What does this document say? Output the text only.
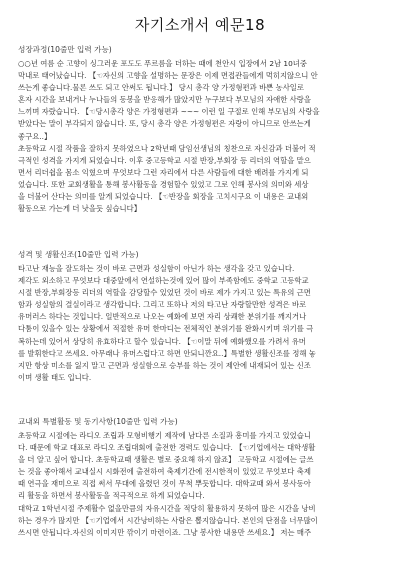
자기소개서 예문18
성장과정(10줄만 입력 가능)
○○년 여름 순 고향이 싱그러운 포도도 푸르름을 더하는 때에 천안시 입장에서 2남 10녀중
막내로 태어났습니다. 【☜자신의 고향을 설명하는 문장은 이제 면접관들에게 먹히지않으니 안
쓰는게 좋습니다.물론 쓰도 되고 안써도 됩니다.】 당시 총각 양 가정형편과 바쁜 농사일로
혼자 시간을 보내거나 누나들의 동봉을 받응해가 많았지만 누구보다 부모님의 자애한 사랑을
느끼며 자랐습니다. 【☜당시총각 양은 가정형편과 ~~~ 이런 일 구절로 인해 부모님의 사랑을
받았다는 말이 부각되지 않습니다. 또, 당시 총각 양은 가정형편은 자랑이 아니므로 안쓰는게
좋구요..】
초등학교 시절 작품을 잘하지 못하였으나 2학년때 담임선생님의 칭찬으로 자신감과 더불어 적
극적인 성격을 가지게 되었습니다. 이후 중고등학교 시절 반장,부회장 등 리더의 역할을 맡으
면서 리더쉽을 몸소 익혔으며 무엇보다 그런 자리에서 다른 사람들에 대한 배려를 가지게 되
었습니다. 또한 교회생활을 통해 봉사활동을 경험할수 있었고 그로 인해 봉사의 의미와 세상
을 더불어 산다는 의미를 알게 되었습니다. 【☜반장을 회장을 고치시구요 이 내용은 교내외
활동으로 가는게 더 낫을듯 싶습니다】
성격 및 생활신조(10줄만 입력 가능)
타고난 재능을 잘도하는 것이 바로 근면과 성실함이 아닌가 하는 생각을 갖고 있습니다.
제각도 외소하고 무엇보다 대중앞에서 연설하는것에 있어 많이 부족함에도 중학교 고등학교
시절 반장,부회장등 리더의 역할을 감당할수 있었던 것이 바로 제가 가지고 있는 특유의 근면
함과 성실함의 결실이라고 생각합니다. 그리고 또하나 저의 타고난 자랑할만한 성격은 바로
유머러스 하다는 것입니다. 일반적으로 나오는 예화에 보면 자리 상쾌한 분위기를 깨지거나
다툼이 있을수 있는 상황에서 적절한 유머 한마디는 전체적인 분위기를 완화시키며 위기를 극
복하는데 있어서 상당히 유효하다고 할수 있습니다. 【☜이말 뒤에 예화했오를 가려서 유머
를 발휘한다고 쓰세요. 아무래나 유머스럽다고 하면 안되니깐요..】특별한 생활신조를 정해 놓
지만 항상 미소를 잃지 말고 근면과 성실함으로 승부를 하는 것이 제안에 내재되어 있는 신조
이며 생활 태도 입니다.
교내외 특별활동 및 동기사항(10줄만 입력 가능)
초등학교 시절에는 라디오 조립과 모형비행기 제작에 남다른 소질과 흥미를 가지고 있었습니
다. 때문에 학교 대표로 라디오 조립대회에 출전한 경력도 있습니다. 【☜기업에서는 대학생활
을 더 알고 싶어 합니다. 초등학교때 생활은 별로 중요해 하지 않죠】 고등학교 시절에는 글쓰
는 것을 좋아해서 교내실시 시화전에 출전하여 축제기간에 전시한적이 있었고 무엇보다 축제
때 연극을 재미으로 직접 써서 무대에 올렸던 것이 무척 뿌듯합니다. 대학교때 와서 봉사동아
리 활동을 하면서 봉사활동을 적극적으로 하게 되었습니다.
대학교 1학년시절 주제활수 없을만큼의 자유시간을 적당히 활용하지 못하여 많은 시간을 낭비
하는 경우가 많지만 【☜기업에서 시간낭비하는 사람은 뽑지않습니다. 본인의 단점을 너무많이
쓰시면 안됩니다.자신의 이미지만 깎이기 마련이죠. 그냥 봉사한 내용만 쓰세요.】 저는 매주
